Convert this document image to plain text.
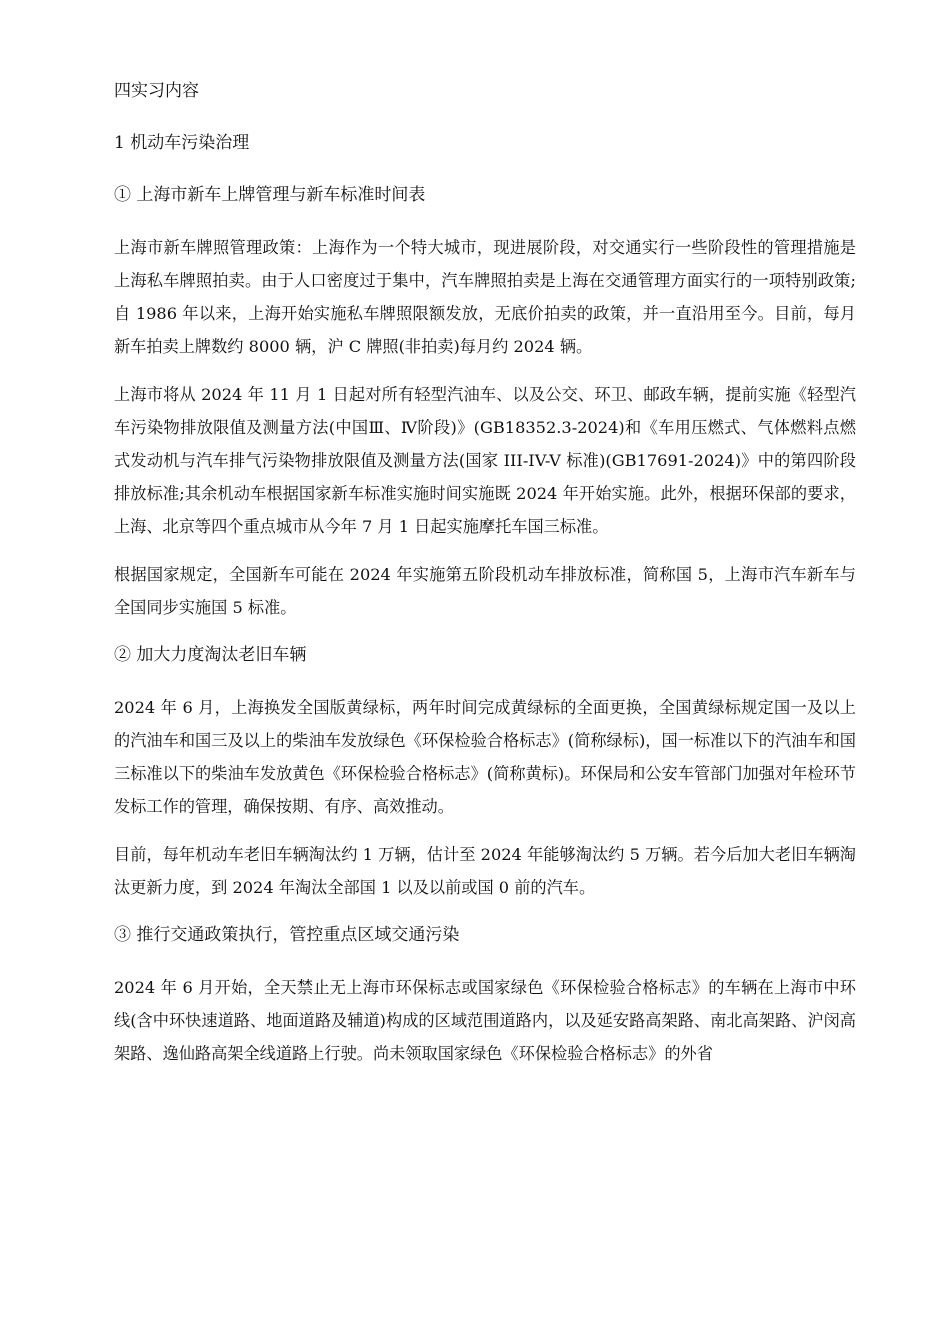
四实习内容
1 机动车污染治理
① 上海市新车上牌管理与新车标准时间表

上海市新车牌照管理政策：上海作为一个特大城市，现进展阶段，对交通实行一些阶段性的管理措施是上海私车牌照拍卖。由于人口密度过于集中，汽车牌照拍卖是上海在交通管理方面实行的一项特别政策;自 1986 年以来，上海开始实施私车牌照限额发放，无底价拍卖的政策，并一直沿用至今。目前，每月新车拍卖上牌数约 8000 辆，沪 C 牌照(非拍卖)每月约 2024 辆。

上海市将从 2024 年 11 月 1 日起对所有轻型汽油车、以及公交、环卫、邮政车辆，提前实施《轻型汽车污染物排放限值及测量方法(中国Ⅲ、Ⅳ阶段)》(GB18352.3-2024)和《车用压燃式、气体燃料点燃式发动机与汽车排气污染物排放限值及测量方法(国家 III-IV-V 标准)(GB17691-2024)》中的第四阶段排放标准;其余机动车根据国家新车标准实施时间实施既 2024 年开始实施。此外，根据环保部的要求，上海、北京等四个重点城市从今年 7 月 1 日起实施摩托车国三标准。

根据国家规定，全国新车可能在 2024 年实施第五阶段机动车排放标准，简称国 5，上海市汽车新车与全国同步实施国 5 标准。

② 加大力度淘汰老旧车辆

2024 年 6 月，上海换发全国版黄绿标，两年时间完成黄绿标的全面更换，全国黄绿标规定国一及以上的汽油车和国三及以上的柴油车发放绿色《环保检验合格标志》(简称绿标)，国一标准以下的汽油车和国三标准以下的柴油车发放黄色《环保检验合格标志》(简称黄标)。环保局和公安车管部门加强对年检环节发标工作的管理，确保按期、有序、高效推动。

目前，每年机动车老旧车辆淘汰约 1 万辆，估计至 2024 年能够淘汰约 5 万辆。若今后加大老旧车辆淘汰更新力度，到 2024 年淘汰全部国 1 以及以前或国 0 前的汽车。

③ 推行交通政策执行，管控重点区域交通污染

2024 年 6 月开始，全天禁止无上海市环保标志或国家绿色《环保检验合格标志》的车辆在上海市中环线(含中环快速道路、地面道路及辅道)构成的区域范围道路内，以及延安路高架路、南北高架路、沪闵高架路、逸仙路高架全线道路上行驶。尚未领取国家绿色《环保检验合格标志》的外省
